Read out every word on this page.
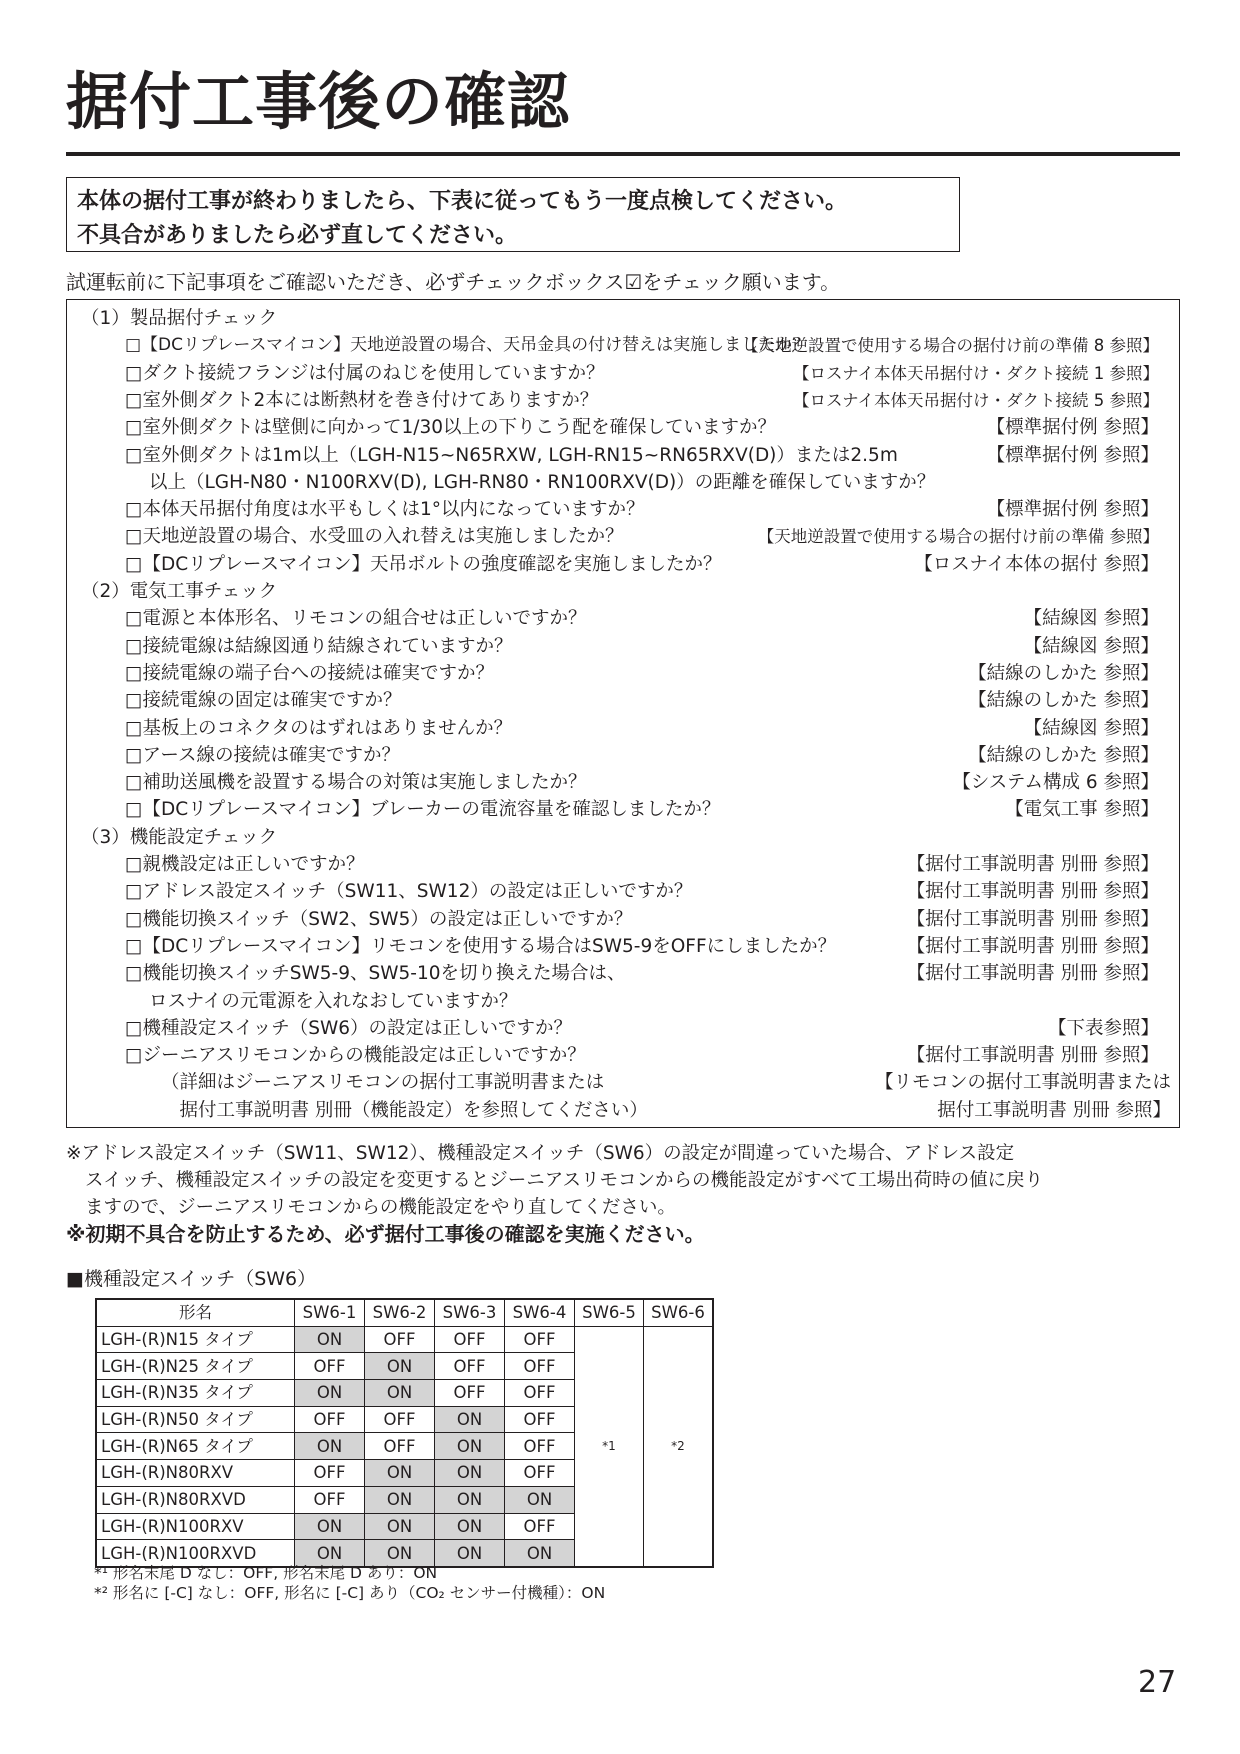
据付工事後の確認
本体の据付工事が終わりましたら、下表に従ってもう一度点検してください。
不具合がありましたら必ず直してください。
試運転前に下記事項をご確認いただき、必ずチェックボックス☑をチェック願います。
（1）製品据付チェック
□【DCリプレースマイコン】天地逆設置の場合、天吊金具の付け替えは実施しましたか？
【天地逆設置で使用する場合の据付け前の準備 8 参照】
□ダクト接続フランジは付属のねじを使用していますか？	【ロスナイ本体天吊据付け・ダクト接続 1 参照】
□室外側ダクト2本には断熱材を巻き付けてありますか？	【ロスナイ本体天吊据付け・ダクト接続 5 参照】
□室外側ダクトは壁側に向かって1/30以上の下りこう配を確保していますか？	【標準据付例 参照】
□室外側ダクトは1m以上（LGH-N15~N65RXW, LGH-RN15~RN65RXV(D)）または2.5m	【標準据付例 参照】
以上（LGH-N80・N100RXV(D), LGH-RN80・RN100RXV(D)）の距離を確保していますか？
□本体天吊据付角度は水平もしくは1°以内になっていますか？	【標準据付例 参照】
□天地逆設置の場合、水受皿の入れ替えは実施しましたか？	【天地逆設置で使用する場合の据付け前の準備 参照】
□【DCリプレースマイコン】天吊ボルトの強度確認を実施しましたか？	【ロスナイ本体の据付 参照】
（2）電気工事チェック
□電源と本体形名、リモコンの組合せは正しいですか？	【結線図 参照】
□接続電線は結線図通り結線されていますか？	【結線図 参照】
□接続電線の端子台への接続は確実ですか？	【結線のしかた 参照】
□接続電線の固定は確実ですか？	【結線のしかた 参照】
□基板上のコネクタのはずれはありませんか？	【結線図 参照】
□アース線の接続は確実ですか？	【結線のしかた 参照】
□補助送風機を設置する場合の対策は実施しましたか？	【システム構成 6 参照】
□【DCリプレースマイコン】ブレーカーの電流容量を確認しましたか？	【電気工事 参照】
（3）機能設定チェック
□親機設定は正しいですか？	【据付工事説明書 別冊 参照】
□アドレス設定スイッチ（SW11、SW12）の設定は正しいですか？	【据付工事説明書 別冊 参照】
□機能切換スイッチ（SW2、SW5）の設定は正しいですか？	【据付工事説明書 別冊 参照】
□【DCリプレースマイコン】リモコンを使用する場合はSW5-9をOFFにしましたか？	【据付工事説明書 別冊 参照】
□機能切換スイッチSW5-9、SW5-10を切り換えた場合は、	【据付工事説明書 別冊 参照】
ロスナイの元電源を入れなおしていますか？
□機種設定スイッチ（SW6）の設定は正しいですか？	【下表参照】
□ジーニアスリモコンからの機能設定は正しいですか？	【据付工事説明書 別冊 参照】
（詳細はジーニアスリモコンの据付工事説明書または	【リモコンの据付工事説明書または
　据付工事説明書 別冊（機能設定）を参照してください）	据付工事説明書 別冊 参照】
※アドレス設定スイッチ（SW11、SW12）、機種設定スイッチ（SW6）の設定が間違っていた場合、アドレス設定
スイッチ、機種設定スイッチの設定を変更するとジーニアスリモコンからの機能設定がすべて工場出荷時の値に戻り
ますので、ジーニアスリモコンからの機能設定をやり直してください。
※初期不具合を防止するため、必ず据付工事後の確認を実施ください。
■機種設定スイッチ（SW6）
形名	SW6-1	SW6-2	SW6-3	SW6-4	SW6-5	SW6-6
LGH-(R)N15 タイプ	ON	OFF	OFF	OFF	*1	*2
LGH-(R)N25 タイプ	OFF	ON	OFF	OFF		
LGH-(R)N35 タイプ	ON	ON	OFF	OFF		
LGH-(R)N50 タイプ	OFF	OFF	ON	OFF		
LGH-(R)N65 タイプ	ON	OFF	ON	OFF		
LGH-(R)N80RXV	OFF	ON	ON	OFF		
LGH-(R)N80RXVD	OFF	ON	ON	ON		
LGH-(R)N100RXV	ON	ON	ON	OFF		
LGH-(R)N100RXVD	ON	ON	ON	ON		
*¹ 形名末尾 D なし：OFF, 形名末尾 D あり：ON
*² 形名に [-C] なし：OFF, 形名に [-C] あり（CO₂ センサー付機種）：ON
27
